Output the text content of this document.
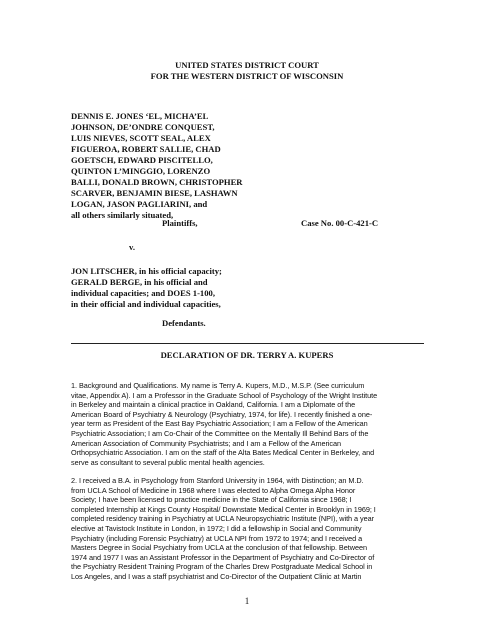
UNITED STATES DISTRICT COURT
FOR THE WESTERN DISTRICT OF WISCONSIN
DENNIS E. JONES ‘EL, MICHA’EL
JOHNSON, DE’ONDRE CONQUEST,
LUIS NIEVES, SCOTT SEAL, ALEX
FIGUEROA, ROBERT SALLIE, CHAD
GOETSCH, EDWARD PISCITELLO,
QUINTON L’MINGGIO, LORENZO
BALLI, DONALD BROWN, CHRISTOPHER
SCARVER, BENJAMIN BIESE, LASHAWN
LOGAN, JASON PAGLIARINI, and
all others similarly situated,
Plaintiffs,	Case No. 00-C-421-C
v.
JON LITSCHER, in his official capacity;
GERALD BERGE, in his official and
individual capacities; and DOES 1-100,
in their official and individual capacities,
Defendants.
DECLARATION OF DR. TERRY A. KUPERS
1. Background and Qualifications. My name is Terry A. Kupers, M.D., M.S.P. (See curriculum
vitae, Appendix A). I am a Professor in the Graduate School of Psychology of the Wright Institute
in Berkeley and maintain a clinical practice in Oakland, California. I am a Diplomate of the
American Board of Psychiatry & Neurology (Psychiatry, 1974, for life). I recently finished a one-
year term as President of the East Bay Psychiatric Association; I am a Fellow of the American
Psychiatric Association; I am Co-Chair of the Committee on the Mentally Ill Behind Bars of the
American Association of Community Psychiatrists; and I am a Fellow of the American
Orthopsychiatric Association. I am on the staff of the Alta Bates Medical Center in Berkeley, and
serve as consultant to several public mental health agencies.
2. I received a B.A. in Psychology from Stanford University in 1964, with Distinction; an M.D.
from UCLA School of Medicine in 1968 where I was elected to Alpha Omega Alpha Honor
Society; I have been licensed to practice medicine in the State of California since 1968; I
completed Internship at Kings County Hospital/ Downstate Medical Center in Brooklyn in 1969; I
completed residency training in Psychiatry at UCLA Neuropsychiatric Institute (NPI), with a year
elective at Tavistock Institute in London, in 1972; I did a fellowship in Social and Community
Psychiatry (including Forensic Psychiatry) at UCLA NPI from 1972 to 1974; and I received a
Masters Degree in Social Psychiatry from UCLA at the conclusion of that fellowship. Between
1974 and 1977 I was an Assistant Professor in the Department of Psychiatry and Co-Director of
the Psychiatry Resident Training Program of the Charles Drew Postgraduate Medical School in
Los Angeles, and I was a staff psychiatrist and Co-Director of the Outpatient Clinic at Martin
1
